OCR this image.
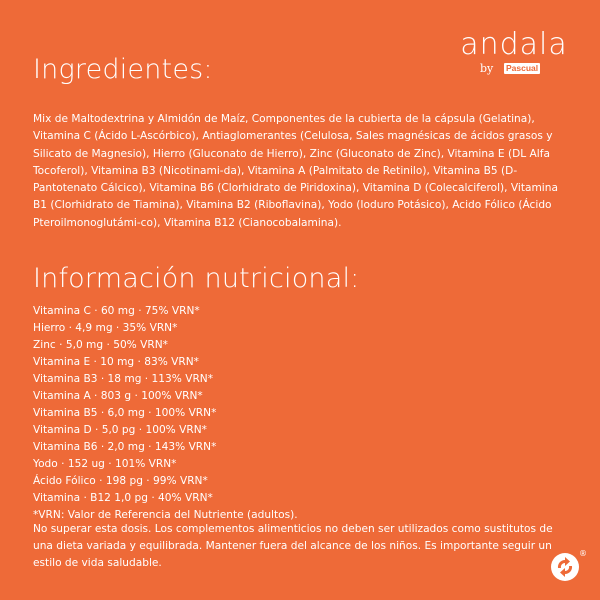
andala
by Pascual
Ingredientes:

Mix de Maltodextrina y Almidón de Maíz, Componentes de la cubierta de la cápsula (Gelatina), Vitamina C (Ácido L-Ascórbico), Antiaglomerantes (Celulosa, Sales magnésicas de ácidos grasos y Silicato de Magnesio), Hierro (Gluconato de Hierro), Zinc (Gluconato de Zinc), Vitamina E (DL Alfa Tocoferol), Vitamina B3 (Nicotinami-da), Vitamina A (Palmitato de Retinilo), Vitamina B5 (D-Pantotenato Cálcico), Vitamina B6 (Clorhidrato de Piridoxina), Vitamina D (Colecalciferol), Vitamina B1 (Clorhidrato de Tiamina), Vitamina B2 (Riboflavina), Yodo (Ioduro Potásico), Acido Fólico (Ácido Pteroilmonoglutámi-co), Vitamina B12 (Cianocobalamina).

Información nutricional:
Vitamina C · 60 mg · 75% VRN*
Hierro · 4,9 mg · 35% VRN*
Zinc · 5,0 mg · 50% VRN*
Vitamina E · 10 mg · 83% VRN*
Vitamina B3 · 18 mg · 113% VRN*
Vitamina A · 803 g · 100% VRN*
Vitamina B5 · 6,0 mg · 100% VRN*
Vitamina D · 5,0 pg · 100% VRN*
Vitamina B6 · 2,0 mg · 143% VRN*
Yodo · 152 ug · 101% VRN*
Ácido Fólico · 198 pg · 99% VRN*
Vitamina · B12 1,0 pg · 40% VRN*
*VRN: Valor de Referencia del Nutriente (adultos).

No superar esta dosis. Los complementos alimenticios no deben ser utilizados como sustitutos de una dieta variada y equilibrada. Mantener fuera del alcance de los niños. Es importante seguir un estilo de vida saludable.

®
